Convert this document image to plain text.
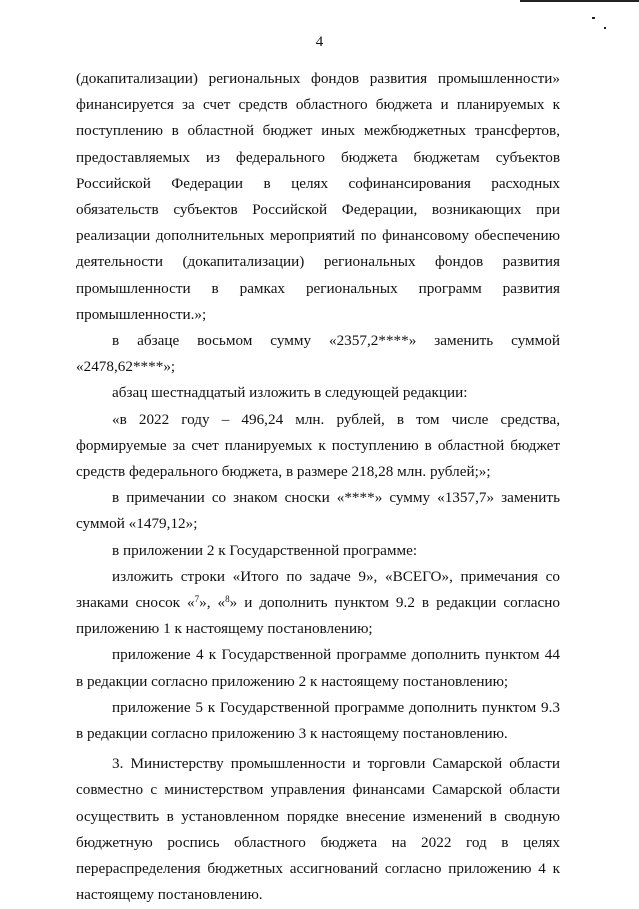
4

(докапитализации) региональных фондов развития промышленности» финансируется за счет средств областного бюджета и планируемых к поступлению в областной бюджет иных межбюджетных трансфертов, предоставляемых из федерального бюджета бюджетам субъектов Российской Федерации в целях софинансирования расходных обязательств субъектов Российской Федерации, возникающих при реализации дополнительных мероприятий по финансовому обеспечению деятельности (докапитализации) региональных фондов развития промышленности в рамках региональных программ развития промышленности.»;

в абзаце восьмом сумму «2357,2****» заменить суммой «2478,62****»;

абзац шестнадцатый изложить в следующей редакции:

«в 2022 году – 496,24 млн. рублей, в том числе средства, формируемые за счет планируемых к поступлению в областной бюджет средств федерального бюджета, в размере 218,28 млн. рублей;»;

в примечании со знаком сноски «****» сумму «1357,7» заменить суммой «1479,12»;

в приложении 2 к Государственной программе:

изложить строки «Итого по задаче 9», «ВСЕГО», примечания со знаками сносок «$^7$», «$^8$» и дополнить пунктом 9.2 в редакции согласно приложению 1 к настоящему постановлению;

приложение 4 к Государственной программе дополнить пунктом 44 в редакции согласно приложению 2 к настоящему постановлению;

приложение 5 к Государственной программе дополнить пунктом 9.3 в редакции согласно приложению 3 к настоящему постановлению.

3. Министерству промышленности и торговли Самарской области совместно с министерством управления финансами Самарской области осуществить в установленном порядке внесение изменений в сводную бюджетную роспись областного бюджета на 2022 год в целях перераспределения бюджетных ассигнований согласно приложению 4 к настоящему постановлению.
